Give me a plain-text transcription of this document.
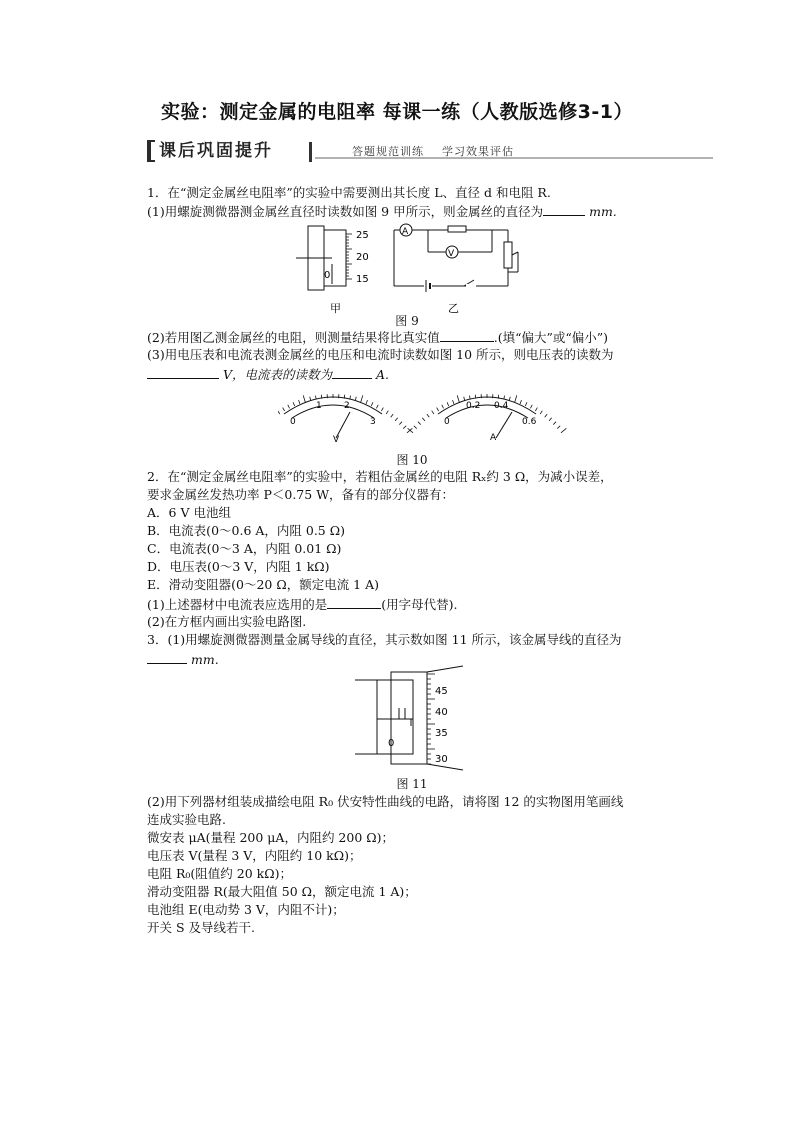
实验：测定金属的电阻率 每课一练（人教版选修3-1）
课后巩固提升	答题规范训练    学习效果评估
1．在“测定金属丝电阻率”的实验中需要测出其长度 L、直径 d 和电阻 R.
(1)用螺旋测微器测金属丝直径时读数如图 9 甲所示，则金属丝的直径为	mm.
25
20
15
0
甲
A
V
乙
图 9
(2)若用图乙测金属丝的电阻，则测量结果将比真实值	.(填“偏大”或“偏小”)
(3)用电压表和电流表测金属丝的电压和电流时读数如图 10 所示，则电压表的读数为
V，电流表的读数为	A.
0
1 2
3
V
0
0.2 0.4
0.6
A
图 10
2．在“测定金属丝电阻率”的实验中，若粗估金属丝的电阻 Rₓ约 3 Ω，为减小误差，
要求金属丝发热功率 P＜0.75 W，备有的部分仪器有：
A．6 V 电池组
B．电流表(0～0.6 A，内阻 0.5 Ω)
C．电流表(0～3 A，内阻 0.01 Ω)
D．电压表(0～3 V，内阻 1 kΩ)
E．滑动变阻器(0～20 Ω，额定电流 1 A)
(1)上述器材中电流表应选用的是	(用字母代替).
(2)在方框内画出实验电路图.
3．(1)用螺旋测微器测量金属导线的直径，其示数如图 11 所示，该金属导线的直径为
mm.
45
40
35
30
0
图 11
(2)用下列器材组装成描绘电阻 R₀ 伏安特性曲线的电路，请将图 12 的实物图用笔画线
连成实验电路.
微安表 μA(量程 200 μA，内阻约 200 Ω)；
电压表 V(量程 3 V，内阻约 10 kΩ)；
电阻 R₀(阻值约 20 kΩ)；
滑动变阻器 R(最大阻值 50 Ω，额定电流 1 A)；
电池组 E(电动势 3 V，内阻不计)；
开关 S 及导线若干.
